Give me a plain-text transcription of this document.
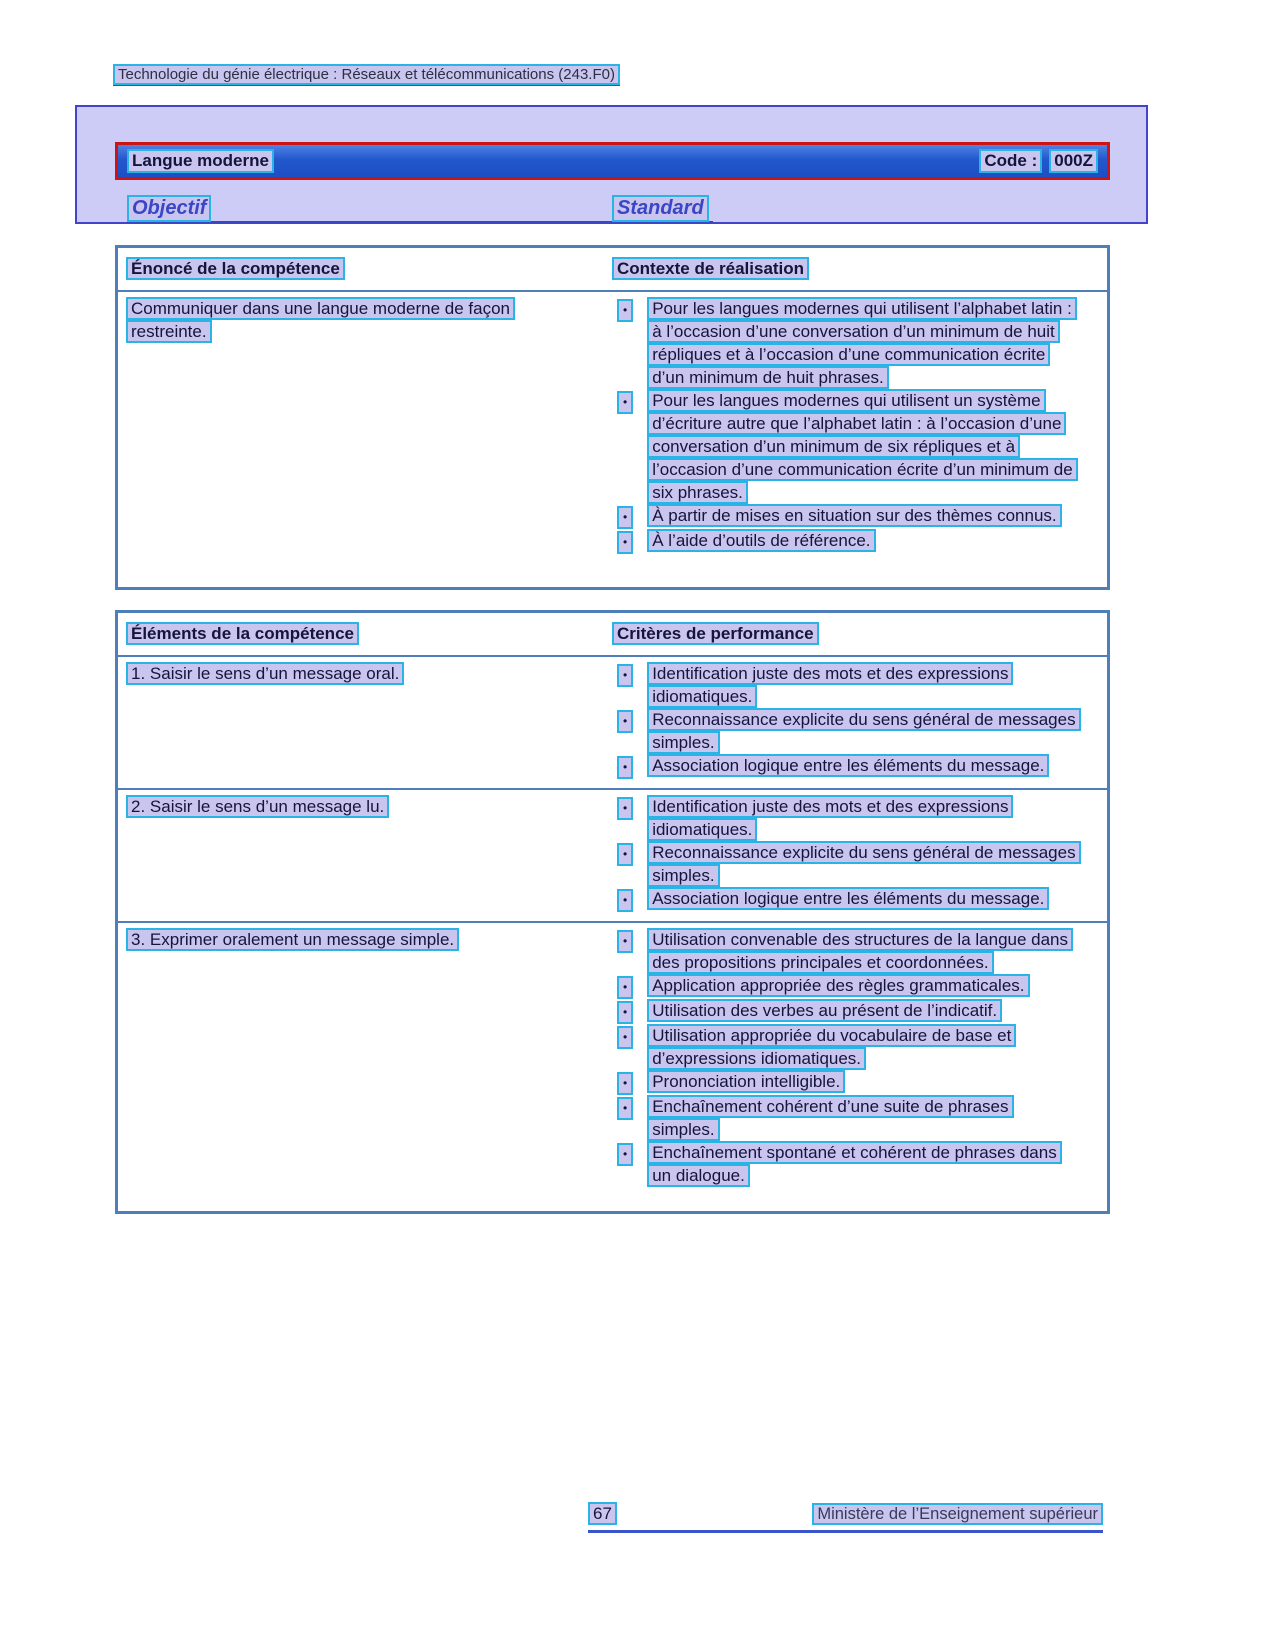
Technologie du génie électrique : Réseaux et télécommunications (243.F0)
Langue moderne	Code : 000Z
Objectif	Standard
Énoncé de la compétence	Contexte de réalisation
Communiquer dans une langue moderne de façon restreinte.
•	Pour les langues modernes qui utilisent l’alphabet latin : à l’occasion d’une conversation d’un minimum de huit répliques et à l’occasion d’une communication écrite d’un minimum de huit phrases.
•	Pour les langues modernes qui utilisent un système d’écriture autre que l’alphabet latin : à l’occasion d’une conversation d’un minimum de six répliques et à l’occasion d’une communication écrite d’un minimum de six phrases.
•	À partir de mises en situation sur des thèmes connus.
•	À l’aide d’outils de référence.
Éléments de la compétence	Critères de performance
1. Saisir le sens d’un message oral.	•	Identification juste des mots et des expressions idiomatiques.
•	Reconnaissance explicite du sens général de messages simples.
•	Association logique entre les éléments du message.
2. Saisir le sens d’un message lu.	•	Identification juste des mots et des expressions idiomatiques.
•	Reconnaissance explicite du sens général de messages simples.
•	Association logique entre les éléments du message.
3. Exprimer oralement un message simple.	•	Utilisation convenable des structures de la langue dans des propositions principales et coordonnées.
•	Application appropriée des règles grammaticales.
•	Utilisation des verbes au présent de l’indicatif.
•	Utilisation appropriée du vocabulaire de base et d’expressions idiomatiques.
•	Prononciation intelligible.
•	Enchaînement cohérent d’une suite de phrases simples.
•	Enchaînement spontané et cohérent de phrases dans un dialogue.
67	Ministère de l’Enseignement supérieur
